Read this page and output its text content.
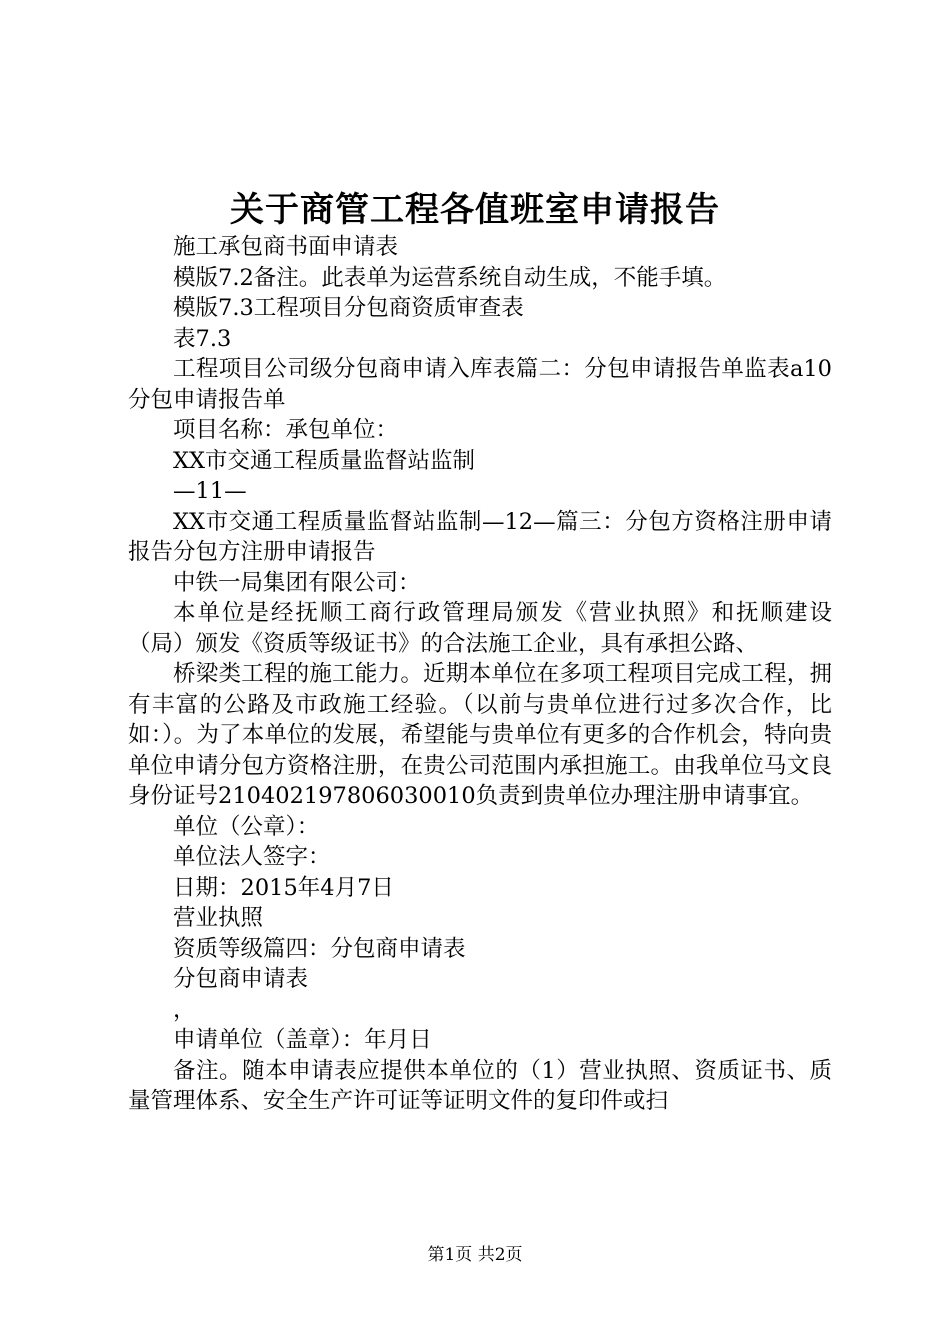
关于商管工程各值班室申请报告

施工承包商书面申请表

模版7.2备注。此表单为运营系统自动生成，不能手填。

模版7.3工程项目分包商资质审查表

表7.3

工程项目公司级分包商申请入库表篇二：分包申请报告单监表a10分包申请报告单

项目名称：承包单位：

XX市交通工程质量监督站监制

—11—

XX市交通工程质量监督站监制—12—篇三：分包方资格注册申请报告分包方注册申请报告

中铁一局集团有限公司：

本单位是经抚顺工商行政管理局颁发《营业执照》和抚顺建设（局）颁发《资质等级证书》的合法施工企业，具有承担公路、

桥梁类工程的施工能力。近期本单位在多项工程项目完成工程，拥有丰富的公路及市政施工经验。（以前与贵单位进行过多次合作，比如：）。为了本单位的发展，希望能与贵单位有更多的合作机会，特向贵单位申请分包方资格注册，在贵公司范围内承担施工。由我单位马文良身份证号210402197806030010负责到贵单位办理注册申请事宜。

单位（公章）：

单位法人签字：

日期：2015年4月7日

营业执照

资质等级篇四：分包商申请表

分包商申请表

，

申请单位（盖章）：年月日

备注。随本申请表应提供本单位的（1）营业执照、资质证书、质量管理体系、安全生产许可证等证明文件的复印件或扫

第1页 共2页
